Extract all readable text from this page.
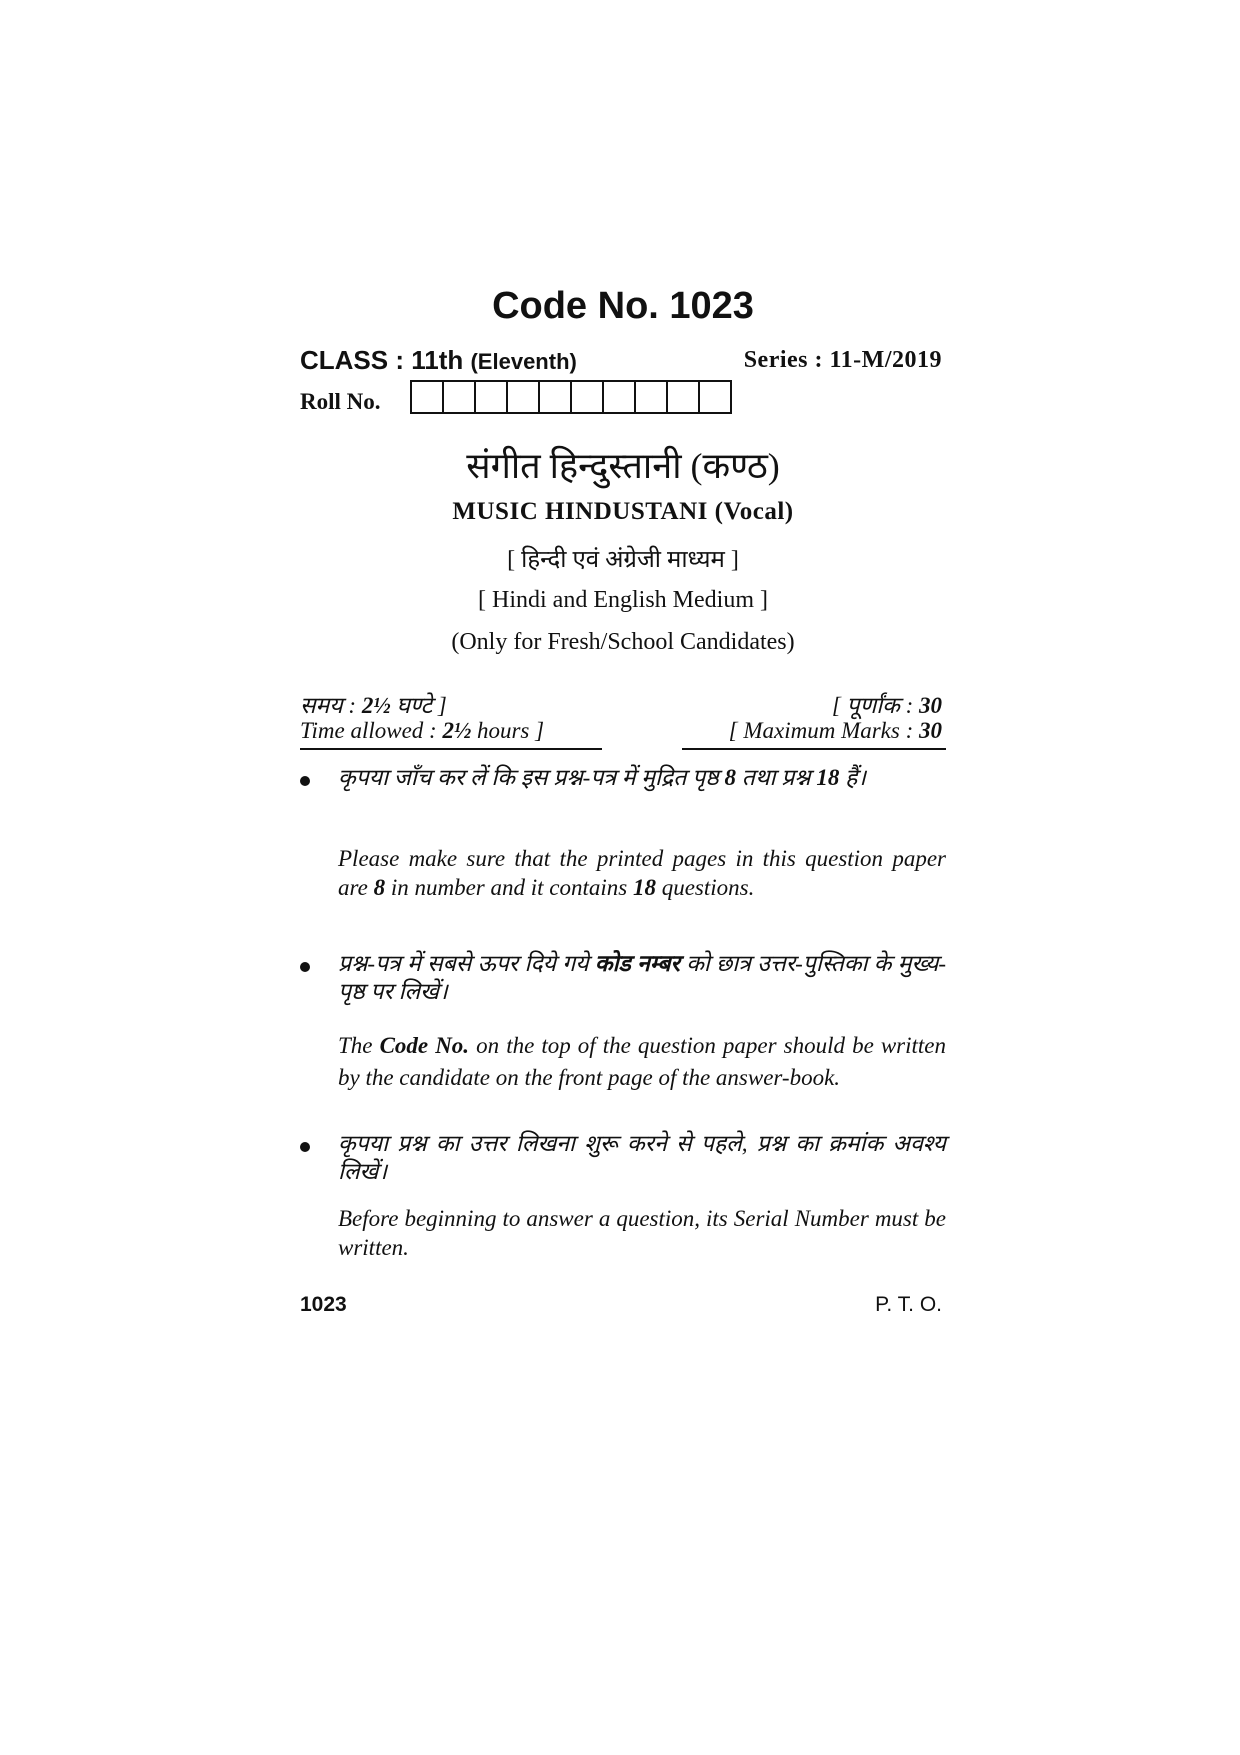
Code No. 1023
CLASS : 11th (Eleventh)	Series : 11-M/2019
Roll No.
संगीत हिन्दुस्तानी (कण्ठ)
MUSIC HINDUSTANI (Vocal)
[ हिन्दी एवं अंग्रेजी माध्यम ]
[ Hindi and English Medium ]
(Only for Fresh/School Candidates)
समय : 2½ घण्टे ]	[ पूर्णांक : 30
Time allowed : 2½ hours ]	[ Maximum Marks : 30
कृपया जाँच कर लें कि इस प्रश्न-पत्र में मुद्रित पृष्ठ 8 तथा प्रश्न 18 हैं।
Please make sure that the printed pages in this question paper are 8 in number and it contains 18 questions.
प्रश्न-पत्र में सबसे ऊपर दिये गये कोड नम्बर को छात्र उत्तर-पुस्तिका के मुख्य-पृष्ठ पर लिखें।
The Code No. on the top of the question paper should be written by the candidate on the front page of the answer-book.
कृपया प्रश्न का उत्तर लिखना शुरू करने से पहले, प्रश्न का क्रमांक अवश्य लिखें।
Before beginning to answer a question, its Serial Number must be written.
1023	P. T. O.
